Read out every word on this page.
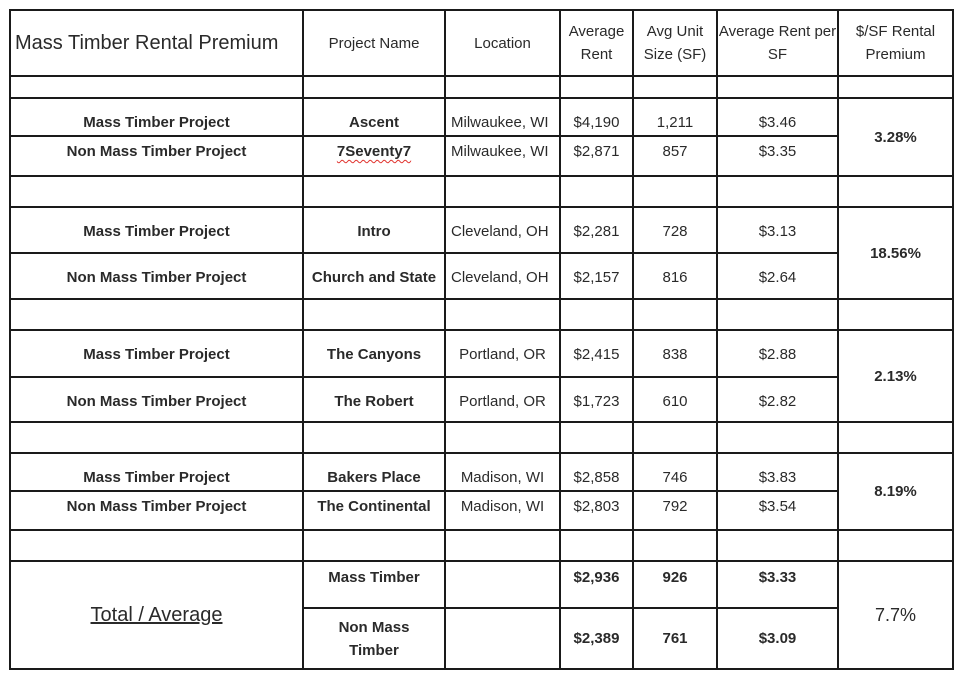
Mass Timber Rental Premium	Project Name	Location	Average Rent	Avg Unit Size (SF)	Average Rent per SF	$/SF Rental Premium

Mass Timber Project	Ascent	Milwaukee, WI	$4,190	1,211	$3.46	3.28%
Non Mass Timber Project	7Seventy7	Milwaukee, WI	$2,871	857	$3.35	

Mass Timber Project	Intro	Cleveland, OH	$2,281	728	$3.13	18.56%
Non Mass Timber Project	Church and State	Cleveland, OH	$2,157	816	$2.64	

Mass Timber Project	The Canyons	Portland, OR	$2,415	838	$2.88	2.13%
Non Mass Timber Project	The Robert	Portland, OR	$1,723	610	$2.82	

Mass Timber Project	Bakers Place	Madison, WI	$2,858	746	$3.83	8.19%
Non Mass Timber Project	The Continental	Madison, WI	$2,803	792	$3.54	

Total / Average	Mass Timber		$2,936	926	$3.33	7.7%
	Non Mass Timber		$2,389	761	$3.09	
